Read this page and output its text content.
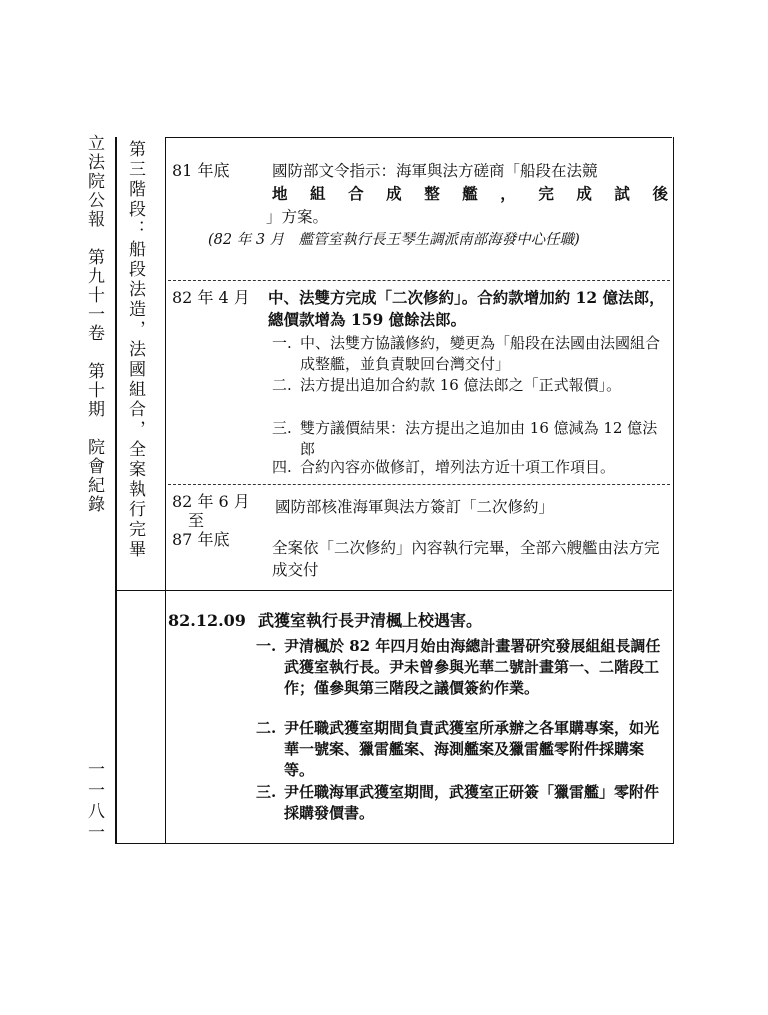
立法院公報　第九十一卷　第十期　院會紀錄
一一八一
第三階段：船段法造，法國組合，全案執行完畢 81 年底	國防部文令指示：海軍與法方磋商「船段在法競
地組合成整艦，完成試後
」方案。
(82 年 3 月　艦管室執行長王琴生調派南部海發中心任職)
82 年 4 月 中、法雙方完成「二次修約」。合約款增加約 12 億法郎，總價款增為 159 億餘法郎。
一. 中、法雙方協議修約，變更為「船段在法國由法國組合成整艦，並負責駛回台灣交付」
二. 法方提出追加合約款 16 億法郎之「正式報價」。
三. 雙方議價結果：法方提出之追加由 16 億減為 12 億法郎
四. 合約內容亦做修訂，增列法方近十項工作項目。
82 年 6 月
至
87 年底
國防部核准海軍與法方簽訂「二次修約」
全案依「二次修約」內容執行完畢，全部六艘艦由法方完成交付
82.12.09 武獲室執行長尹清楓上校遇害。
一. 尹清楓於 82 年四月始由海總計畫署研究發展組組長調任武獲室執行長。尹未曾參與光華二號計畫第一、二階段工作；僅參與第三階段之議價簽約作業。
二. 尹任職武獲室期間負責武獲室所承辦之各軍購專案，如光華一號案、獵雷艦案、海測艦案及獵雷艦零附件採購案等。
三. 尹任職海軍武獲室期間，武獲室正研簽「獵雷艦」零附件採購發價書。
